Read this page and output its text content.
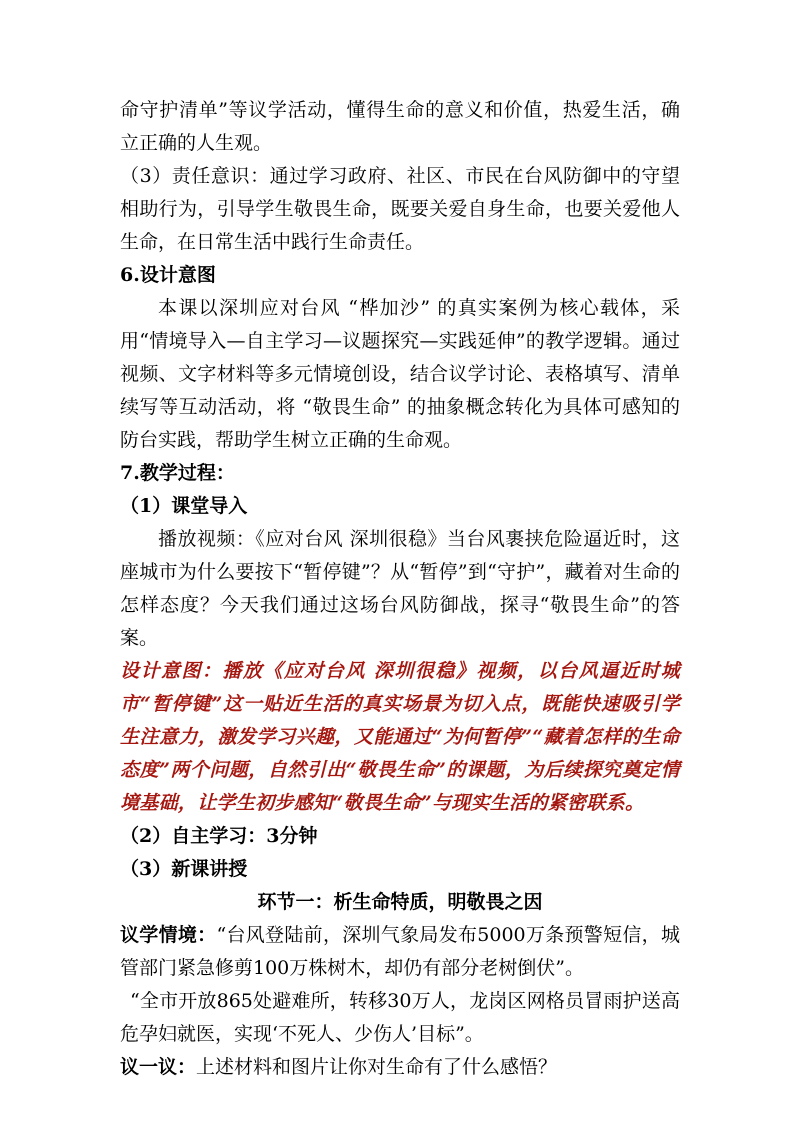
命守护清单”等议学活动，懂得生命的意义和价值，热爱生活，确立正确的人生观。

（3）责任意识：通过学习政府、社区、市民在台风防御中的守望相助行为，引导学生敬畏生命，既要关爱自身生命，也要关爱他人生命，在日常生活中践行生命责任。

6.设计意图

本课以深圳应对台风 “桦加沙” 的真实案例为核心载体，采用“情境导入—自主学习—议题探究—实践延伸”的教学逻辑。通过视频、文字材料等多元情境创设，结合议学讨论、表格填写、清单续写等互动活动，将 “敬畏生命” 的抽象概念转化为具体可感知的防台实践，帮助学生树立正确的生命观。

7.教学过程：

（1）课堂导入

播放视频：《应对台风 深圳很稳》当台风裹挟危险逼近时，这座城市为什么要按下“暂停键”？从“暂停”到“守护”，藏着对生命的怎样态度？今天我们通过这场台风防御战，探寻“敬畏生命”的答案。

设计意图：播放《应对台风 深圳很稳》视频，以台风逼近时城市“暂停键”这一贴近生活的真实场景为切入点，既能快速吸引学生注意力，激发学习兴趣，又能通过“为何暂停”“藏着怎样的生命态度”两个问题，自然引出“敬畏生命”的课题，为后续探究奠定情境基础，让学生初步感知“敬畏生命”与现实生活的紧密联系。

（2）自主学习：3分钟

（3）新课讲授

环节一：析生命特质，明敬畏之因

议学情境：“台风登陆前，深圳气象局发布5000万条预警短信，城管部门紧急修剪100万株树木，却仍有部分老树倒伏”。

“全市开放865处避难所，转移30万人，龙岗区网格员冒雨护送高危孕妇就医，实现‘不死人、少伤人’目标”。

议一议：上述材料和图片让你对生命有了什么感悟？
